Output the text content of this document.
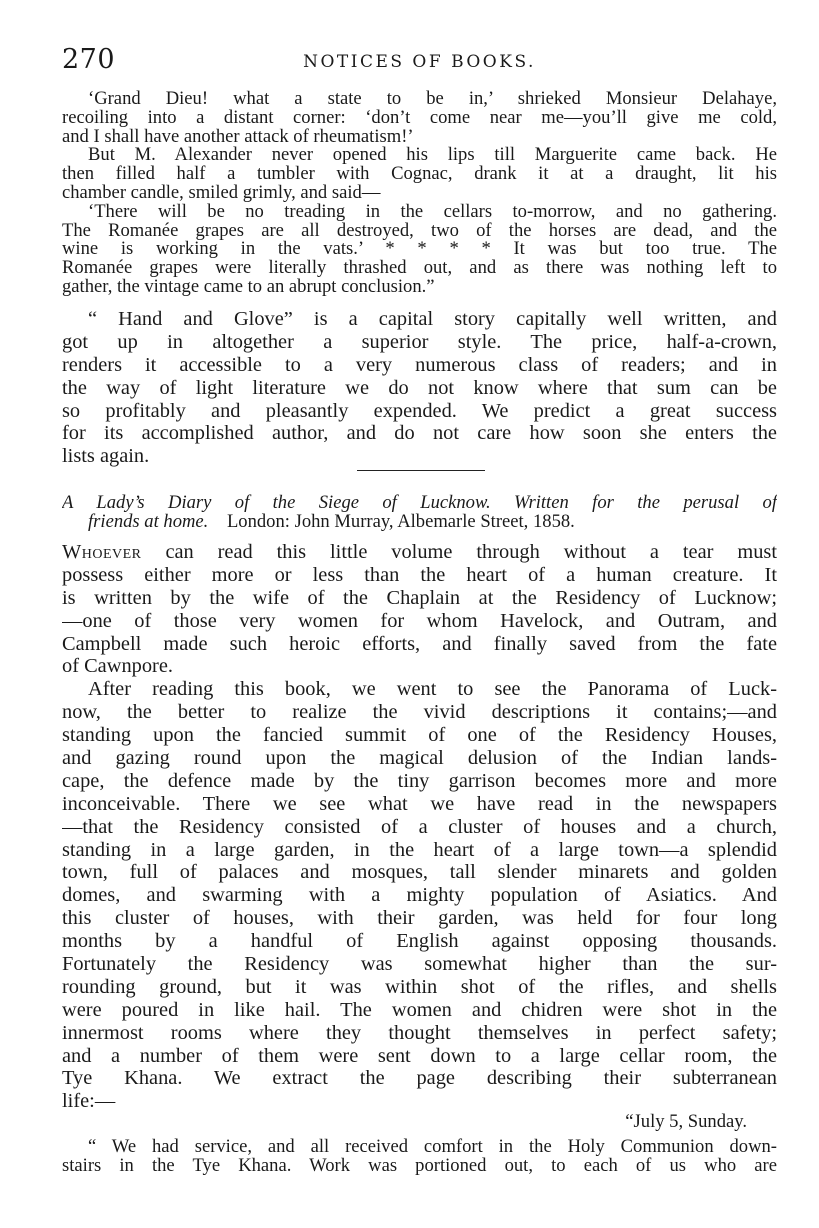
270	NOTICES OF BOOKS.
‘Grand Dieu! what a state to be in,’ shrieked Monsieur Delahaye,
recoiling into a distant corner: ‘don’t come near me—you’ll give me cold,
and I shall have another attack of rheumatism!’
But M. Alexander never opened his lips till Marguerite came back. He
then filled half a tumbler with Cognac, drank it at a draught, lit his
chamber candle, smiled grimly, and said—
‘There will be no treading in the cellars to-morrow, and no gathering.
The Romanée grapes are all destroyed, two of the horses are dead, and the
wine is working in the vats.’ * * * * It was but too true. The
Romanée grapes were literally thrashed out, and as there was nothing left to
gather, the vintage came to an abrupt conclusion.”
“ Hand and Glove” is a capital story capitally well written, and
got up in altogether a superior style. The price, half-a-crown,
renders it accessible to a very numerous class of readers; and in
the way of light literature we do not know where that sum can be
so profitably and pleasantly expended. We predict a great success
for its accomplished author, and do not care how soon she enters the
lists again.
A Lady’s Diary of the Siege of Lucknow. Written for the perusal of
friends at home. London: John Murray, Albemarle Street, 1858.
Whoever can read this little volume through without a tear must
possess either more or less than the heart of a human creature. It
is written by the wife of the Chaplain at the Residency of Lucknow;
—one of those very women for whom Havelock, and Outram, and
Campbell made such heroic efforts, and finally saved from the fate
of Cawnpore.
After reading this book, we went to see the Panorama of Luck-
now, the better to realize the vivid descriptions it contains;—and
standing upon the fancied summit of one of the Residency Houses,
and gazing round upon the magical delusion of the Indian lands-
cape, the defence made by the tiny garrison becomes more and more
inconceivable. There we see what we have read in the newspapers
—that the Residency consisted of a cluster of houses and a church,
standing in a large garden, in the heart of a large town—a splendid
town, full of palaces and mosques, tall slender minarets and golden
domes, and swarming with a mighty population of Asiatics. And
this cluster of houses, with their garden, was held for four long
months by a handful of English against opposing thousands.
Fortunately the Residency was somewhat higher than the sur-
rounding ground, but it was within shot of the rifles, and shells
were poured in like hail. The women and chidren were shot in the
innermost rooms where they thought themselves in perfect safety;
and a number of them were sent down to a large cellar room, the
Tye Khana. We extract the page describing their subterranean
life:—
“July 5, Sunday.
“ We had service, and all received comfort in the Holy Communion down-
stairs in the Tye Khana. Work was portioned out, to each of us who are
